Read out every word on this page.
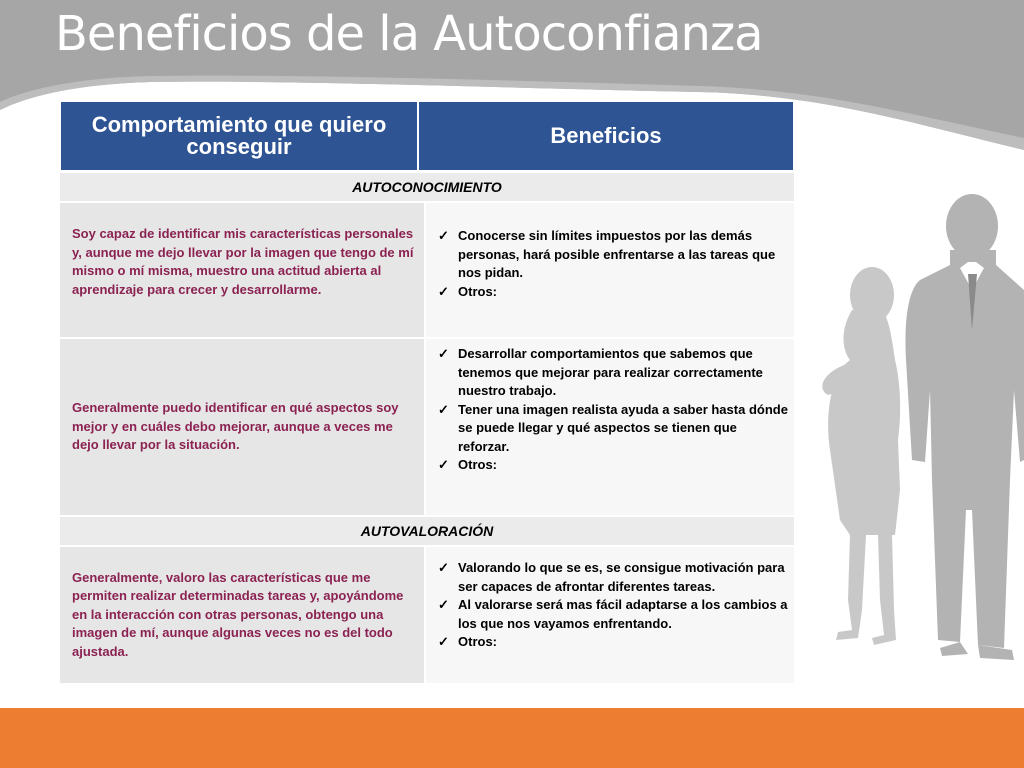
Beneficios de la Autoconfianza
Comportamiento que quiero conseguir	Beneficios
AUTOCONOCIMIENTO
Soy capaz de identificar mis características personales y, aunque me dejo llevar por la imagen que tengo de mí mismo o mí misma, muestro una actitud abierta al aprendizaje para crecer y desarrollarme.
✓ Conocerse sin límites impuestos por las demás personas, hará posible enfrentarse a las tareas que nos pidan.
✓ Otros:
Generalmente puedo identificar en qué aspectos soy mejor y en cuáles debo mejorar, aunque a veces me dejo llevar por la situación.
✓ Desarrollar comportamientos que sabemos que tenemos que mejorar para realizar correctamente nuestro trabajo.
✓ Tener una imagen realista ayuda a saber hasta dónde se puede llegar y qué aspectos se tienen que reforzar.
✓ Otros:
AUTOVALORACIÓN
Generalmente, valoro las características que me permiten realizar determinadas tareas y, apoyándome en la interacción con otras personas, obtengo una imagen de mí, aunque algunas veces no es del todo ajustada.
✓ Valorando lo que se es, se consigue motivación para ser capaces de afrontar diferentes tareas.
✓ Al valorarse será mas fácil adaptarse a los cambios a los que nos vayamos enfrentando.
✓ Otros:
